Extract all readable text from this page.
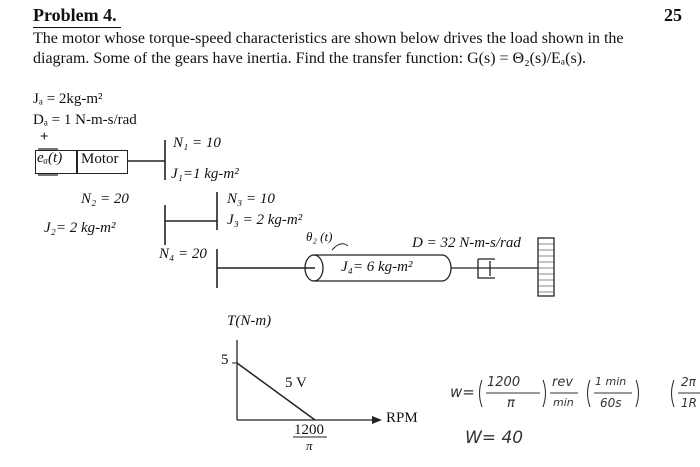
Problem 4.	25
The motor whose torque-speed characteristics are shown below drives the load shown in the
diagram. Some of the gears have inertia. Find the transfer function: G(s) = Θ₂(s)/Eₐ(s).
Jₐ = 2kg-m²
Dₐ = 1 N-m-s/rad
+
eₐ(t) Motor
N₁ = 10
J₁=1 kg-m²
N₂ = 20
J₂= 2 kg-m²
N₃ = 10
J₃ = 2 kg-m²
θ₂ (t)
N₄ = 20
D = 32 N-m-s/rad
J₄= 6 kg-m²
T(N-m)
5
5 V
1200
π
RPM
w=
1200 rev
π	min
1 min
60s
2π
1R
W= 40
